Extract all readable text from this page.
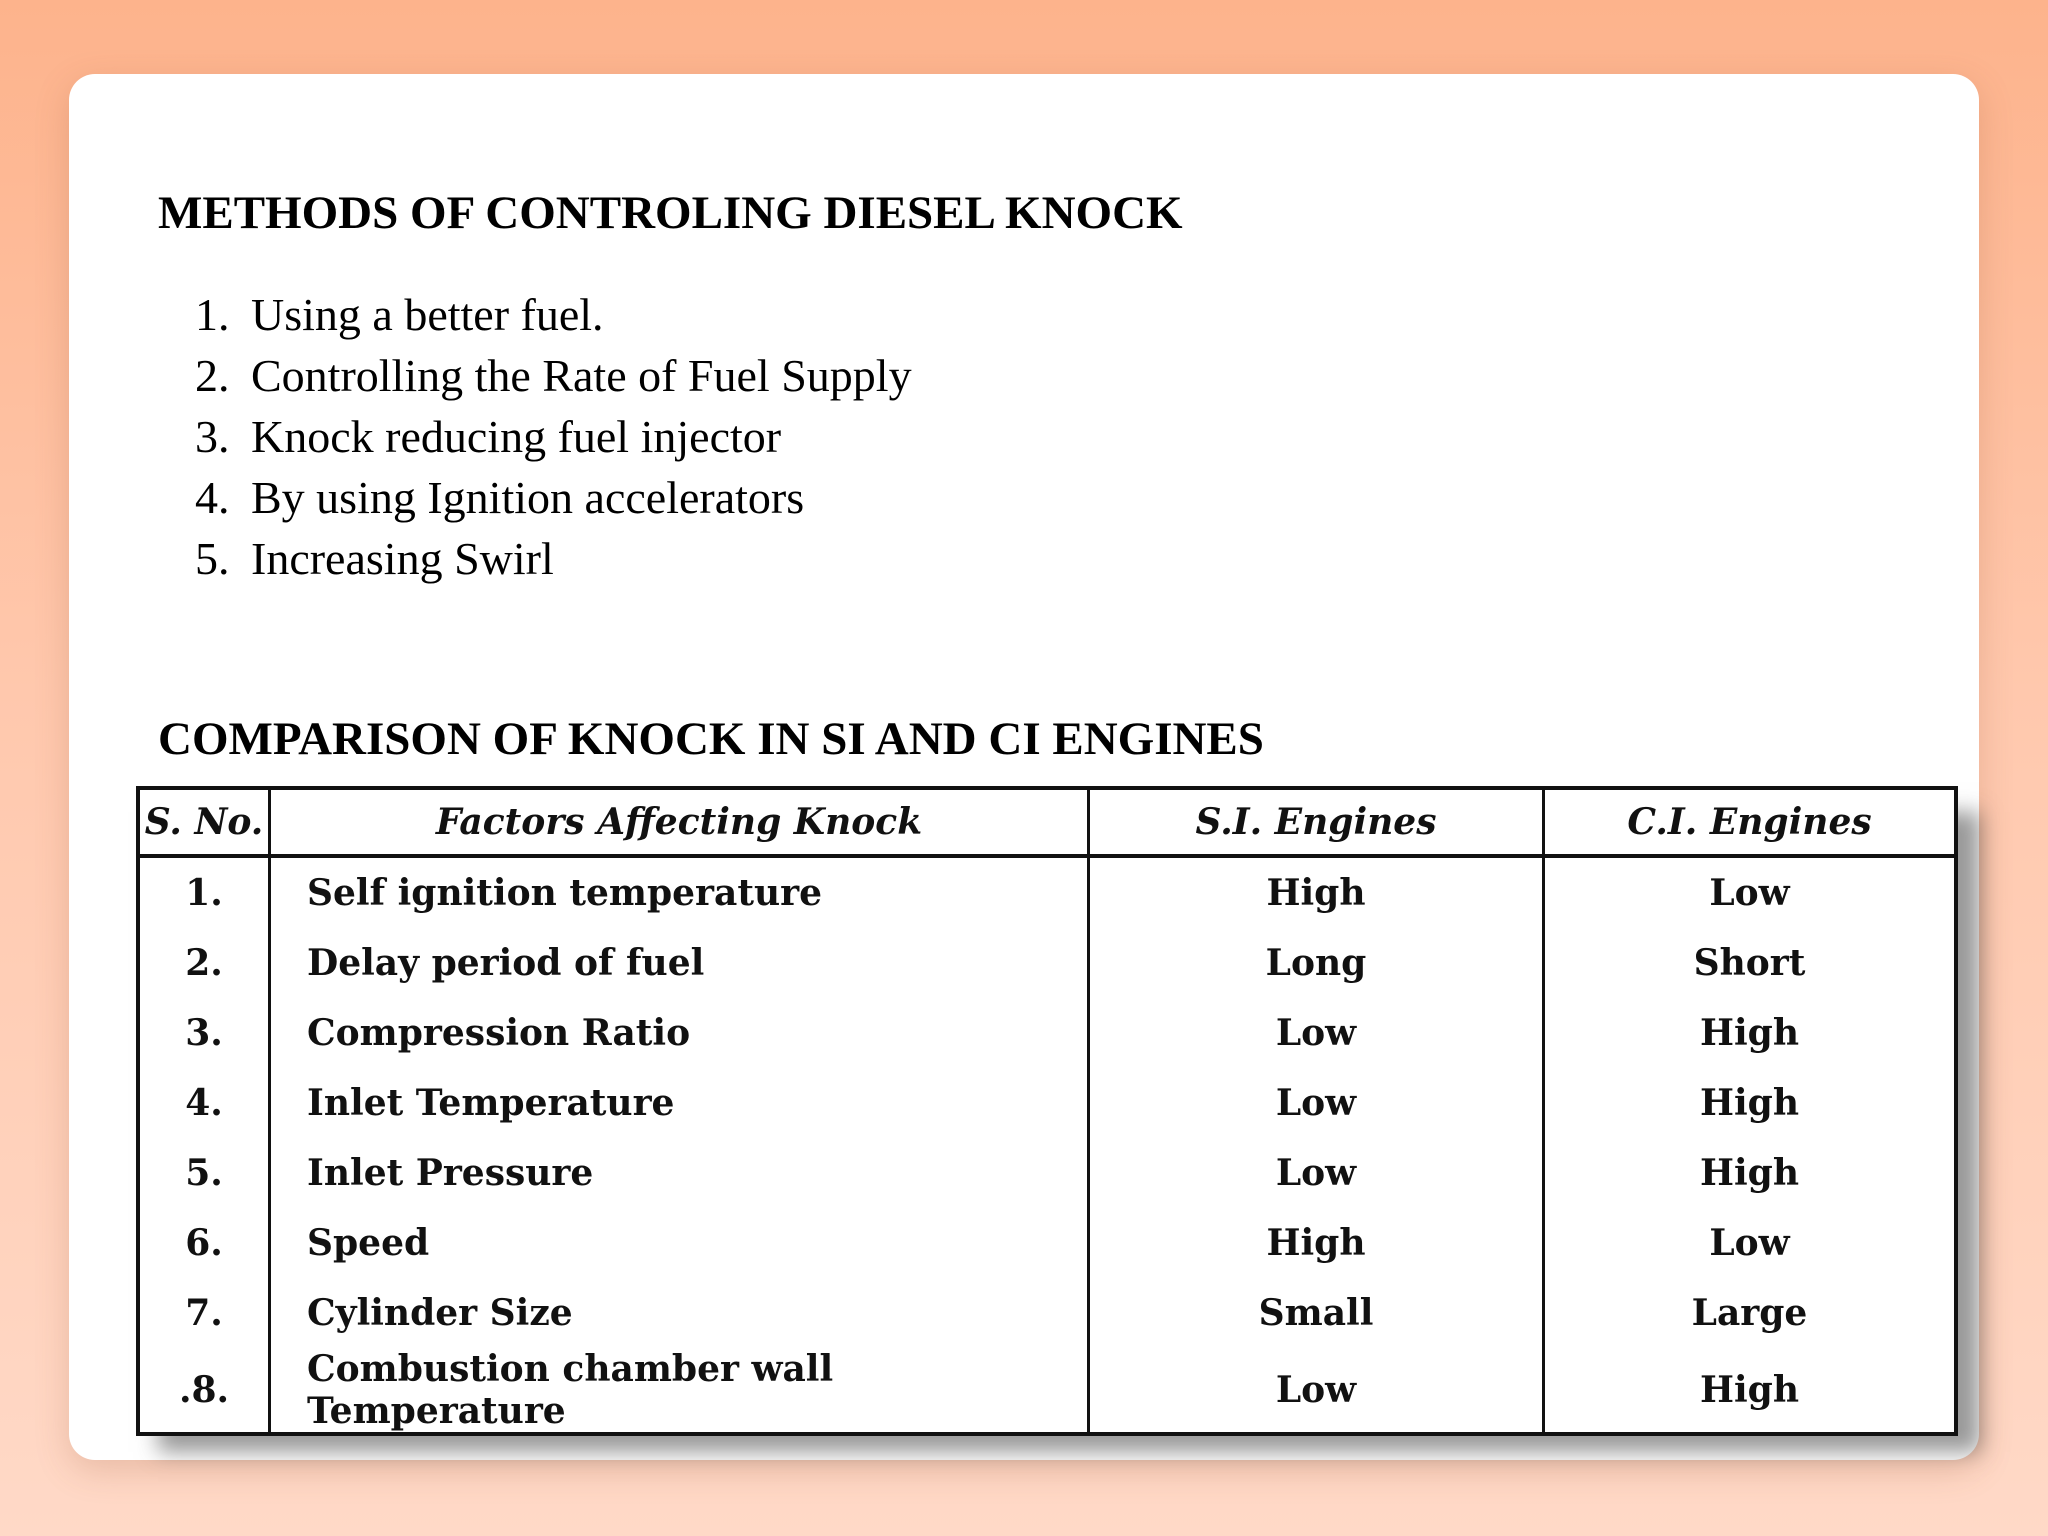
METHODS OF CONTROLING DIESEL KNOCK
1. Using a better fuel.
2. Controlling the Rate of Fuel Supply
3. Knock reducing fuel injector
4. By using Ignition accelerators
5. Increasing Swirl
COMPARISON OF KNOCK IN SI AND CI ENGINES
S. No.	Factors Affecting Knock	S.I. Engines	C.I. Engines
1.	Self ignition temperature	High	Low
2.	Delay period of fuel	Long	Short
3.	Compression Ratio	Low	High
4.	Inlet Temperature	Low	High
5.	Inlet Pressure	Low	High
6.	Speed	High	Low
7.	Cylinder Size	Small	Large
.8.	Combustion chamber wall Temperature	Low	High
